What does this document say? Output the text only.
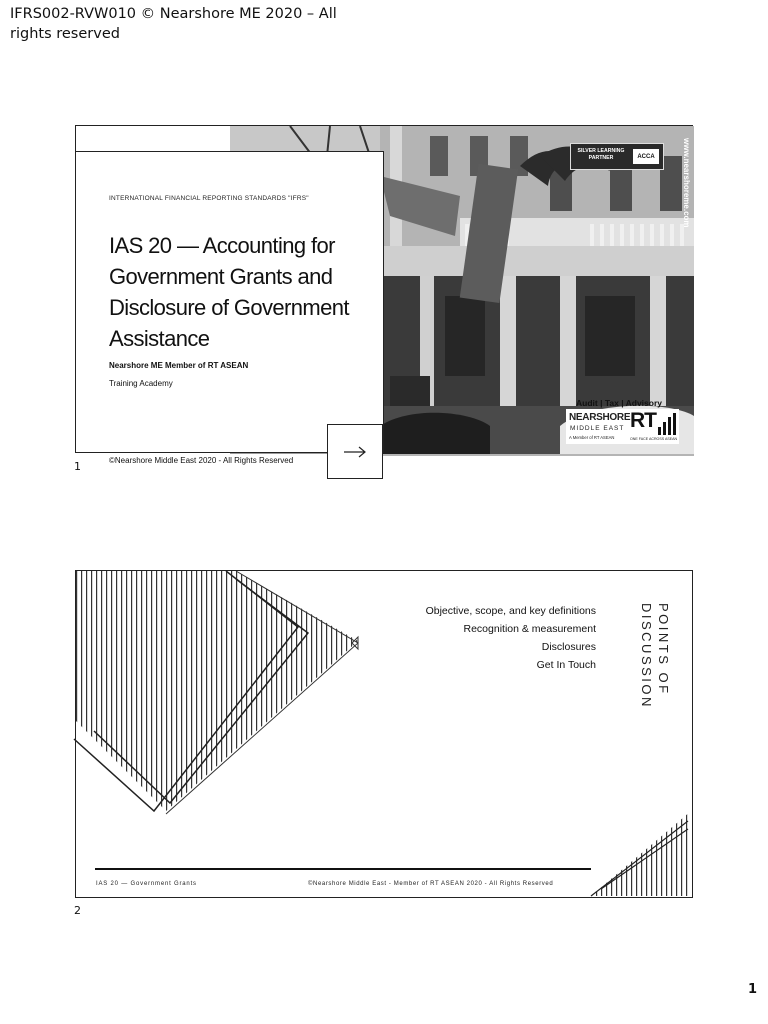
IFRS002-RVW010 © Nearshore ME 2020 – All rights reserved
INTERNATIONAL FINANCIAL REPORTING STANDARDS "IFRS"
IAS 20 — Accounting for Government Grants and Disclosure of Government Assistance
Nearshore ME Member of RT ASEAN
Training Academy
©Nearshore Middle East 2020 - All Rights Reserved
SILVER LEARNING PARTNER	ACCA	www.nearshoreme.com
Audit | Tax | Advisory
NEARSHORE
MIDDLE EAST
A Member of RT ASEAN
RT
ONE FACE ACROSS ASEAN
1
Objective, scope, and key definitions
Recognition & measurement
Disclosures
Get In Touch	POINTS OF DISCUSSION
IAS 20 — Government Grants	©Nearshore Middle East - Member of RT ASEAN 2020 - All Rights Reserved
2
1
